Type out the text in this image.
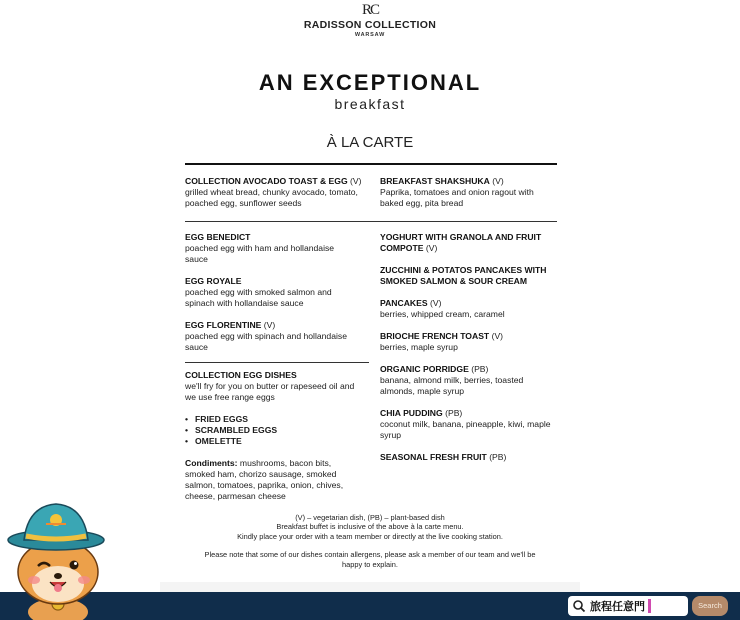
RC
RADISSON COLLECTION
WARSAW
AN EXCEPTIONAL
breakfast
À LA CARTE
COLLECTION AVOCADO TOAST & EGG (V)
grilled wheat bread, chunky avocado, tomato,
poached egg, sunflower seeds
BREAKFAST SHAKSHUKA (V)
Paprika, tomatoes and onion ragout with
baked egg, pita bread
EGG BENEDICT
poached egg with ham and hollandaise
sauce
EGG ROYALE
poached egg with smoked salmon and
spinach with hollandaise sauce
EGG FLORENTINE (V)
poached egg with spinach and hollandaise
sauce
COLLECTION EGG DISHES
we'll fry for you on butter or rapeseed oil and
we use free range eggs
• FRIED EGGS
• SCRAMBLED EGGS
• OMELETTE
Condiments: mushrooms, bacon bits,
smoked ham, chorizo sausage, smoked
salmon, tomatoes, paprika, onion, chives,
cheese, parmesan cheese
YOGHURT WITH GRANOLA AND FRUIT
COMPOTE (V)
ZUCCHINI & POTATOS PANCAKES WITH
SMOKED SALMON & SOUR CREAM
PANCAKES (V)
berries, whipped cream, caramel
BRIOCHE FRENCH TOAST (V)
berries, maple syrup
ORGANIC PORRIDGE (PB)
banana, almond milk, berries, toasted
almonds, maple syrup
CHIA PUDDING (PB)
coconut milk, banana, pineapple, kiwi, maple
syrup
SEASONAL FRESH FRUIT (PB)
(V) – vegetarian dish, (PB) – plant-based dish
Breakfast buffet is inclusive of the above à la carte menu.
Kindly place your order with a team member or directly at the live cooking station.
Please note that some of our dishes contain allergens, please ask a member of our team and we'll be
happy to explain.
旅程任意門	Search
